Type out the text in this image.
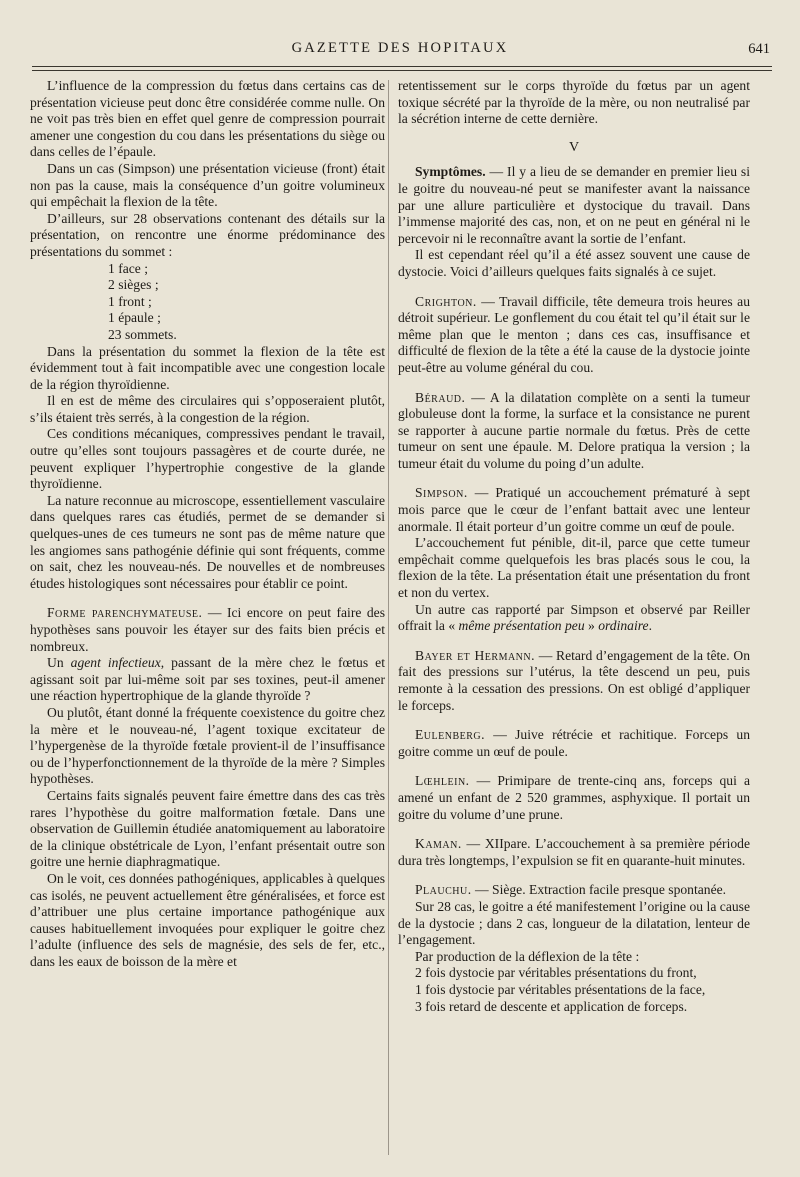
GAZETTE DES HOPITAUX	641

L’influence de la compression du fœtus dans certains cas de présentation vicieuse peut donc être considérée comme nulle. On ne voit pas très bien en effet quel genre de compression pourrait amener une congestion du cou dans les présentations du siège ou dans celles de l’épaule.

Dans un cas (Simpson) une présentation vicieuse (front) était non pas la cause, mais la conséquence d’un goitre volumineux qui empêchait la flexion de la tête.

D’ailleurs, sur 28 observations contenant des détails sur la présentation, on rencontre une énorme prédominance des présentations du sommet :

1 face ;
2 sièges ;
1 front ;
1 épaule ;
23 sommets.

Dans la présentation du sommet la flexion de la tête est évidemment tout à fait incompatible avec une congestion locale de la région thyroïdienne.

Il en est de même des circulaires qui s’opposeraient plutôt, s’ils étaient très serrés, à la congestion de la région.

Ces conditions mécaniques, compressives pendant le travail, outre qu’elles sont toujours passagères et de courte durée, ne peuvent expliquer l’hypertrophie congestive de la glande thyroïdienne.

La nature reconnue au microscope, essentiellement vasculaire dans quelques rares cas étudiés, permet de se demander si quelques-unes de ces tumeurs ne sont pas de même nature que les angiomes sans pathogénie définie qui sont fréquents, comme on sait, chez les nouveau-nés. De nouvelles et de nombreuses études histologiques sont nécessaires pour établir ce point.

Forme parenchymateuse. — Ici encore on peut faire des hypothèses sans pouvoir les étayer sur des faits bien précis et nombreux.

Un agent infectieux, passant de la mère chez le fœtus et agissant soit par lui-même soit par ses toxines, peut-il amener une réaction hypertrophique de la glande thyroïde ?

Ou plutôt, étant donné la fréquente coexistence du goitre chez la mère et le nouveau-né, l’agent toxique excitateur de l’hypergenèse de la thyroïde fœtale provient-il de l’insuffisance ou de l’hyperfonctionnement de la thyroïde de la mère ? Simples hypothèses.

Certains faits signalés peuvent faire émettre dans des cas très rares l’hypothèse du goitre malformation fœtale. Dans une observation de Guillemin étudiée anatomiquement au laboratoire de la clinique obstétricale de Lyon, l’enfant présentait outre son goitre une hernie diaphragmatique.

On le voit, ces données pathogéniques, applicables à quelques cas isolés, ne peuvent actuellement être généralisées, et force est d’attribuer une plus certaine importance pathogénique aux causes habituellement invoquées pour expliquer le goitre chez l’adulte (influence des sels de magnésie, des sels de fer, etc., dans les eaux de boisson de la mère et

retentissement sur le corps thyroïde du fœtus par un agent toxique sécrété par la thyroïde de la mère, ou non neutralisé par la sécrétion interne de cette dernière.

V

Symptômes. — Il y a lieu de se demander en premier lieu si le goitre du nouveau-né peut se manifester avant la naissance par une allure particulière et dystocique du travail. Dans l’immense majorité des cas, non, et on ne peut en général ni le percevoir ni le reconnaître avant la sortie de l’enfant.

Il est cependant réel qu’il a été assez souvent une cause de dystocie. Voici d’ailleurs quelques faits signalés à ce sujet.

Crighton. — Travail difficile, tête demeura trois heures au détroit supérieur. Le gonflement du cou était tel qu’il était sur le même plan que le menton ; dans ces cas, insuffisance et difficulté de flexion de la tête a été la cause de la dystocie jointe peut-être au volume général du cou.

Béraud. — A la dilatation complète on a senti la tumeur globuleuse dont la forme, la surface et la consistance ne purent se rapporter à aucune partie normale du fœtus. Près de cette tumeur on sent une épaule. M. Delore pratiqua la version ; la tumeur était du volume du poing d’un adulte.

Simpson. — Pratiqué un accouchement prématuré à sept mois parce que le cœur de l’enfant battait avec une lenteur anormale. Il était porteur d’un goitre comme un œuf de poule.

L’accouchement fut pénible, dit-il, parce que cette tumeur empêchait comme quelquefois les bras placés sous le cou, la flexion de la tête. La présentation était une présentation du front et non du vertex.

Un autre cas rapporté par Simpson et observé par Reiller offrait la « même présentation peu » ordinaire.

Bayer et Hermann. — Retard d’engagement de la tête. On fait des pressions sur l’utérus, la tête descend un peu, puis remonte à la cessation des pressions. On est obligé d’appliquer le forceps.

Eulenberg. — Juive rétrécie et rachitique. Forceps un goitre comme un œuf de poule.

Lœhlein. — Primipare de trente-cinq ans, forceps qui a amené un enfant de 2 520 grammes, asphyxique. Il portait un goitre du volume d’une prune.

Kaman. — XIIpare. L’accouchement à sa première période dura très longtemps, l’expulsion se fit en quarante-huit minutes.

Plauchu. — Siège. Extraction facile presque spontanée.

Sur 28 cas, le goitre a été manifestement l’origine ou la cause de la dystocie ; dans 2 cas, longueur de la dilatation, lenteur de l’engagement.

Par production de la déflexion de la tête :

2 fois dystocie par véritables présentations du front,
1 fois dystocie par véritables présentations de la face,
3 fois retard de descente et application de forceps.
